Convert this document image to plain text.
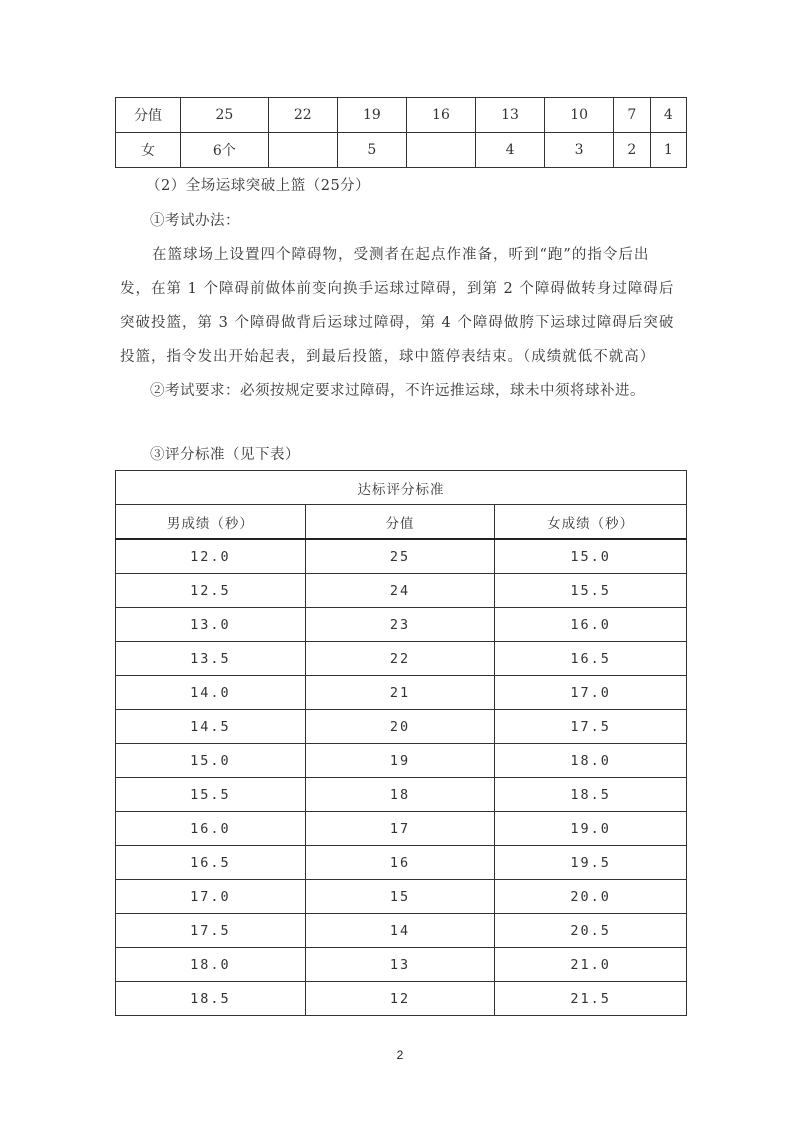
分值	25	22	19	16	13	10	7	4
女	6个		5		4	3	2	1
（2）全场运球突破上篮（25分）
①考试办法：
在篮球场上设置四个障碍物，受测者在起点作准备，听到“跑”的指令后出
发，在第 1 个障碍前做体前变向换手运球过障碍，到第 2 个障碍做转身过障碍后
突破投篮，第 3 个障碍做背后运球过障碍，第 4 个障碍做胯下运球过障碍后突破
投篮，指令发出开始起表，到最后投篮，球中篮停表结束。（成绩就低不就高）
②考试要求：必须按规定要求过障碍，不许远推运球，球未中须将球补进。
③评分标准（见下表）
达标评分标准		
男成绩（秒）	分值	女成绩（秒）
12.0	25	15.0
12.5	24	15.5
13.0	23	16.0
13.5	22	16.5
14.0	21	17.0
14.5	20	17.5
15.0	19	18.0
15.5	18	18.5
16.0	17	19.0
16.5	16	19.5
17.0	15	20.0
17.5	14	20.5
18.0	13	21.0
18.5	12	21.5
2
